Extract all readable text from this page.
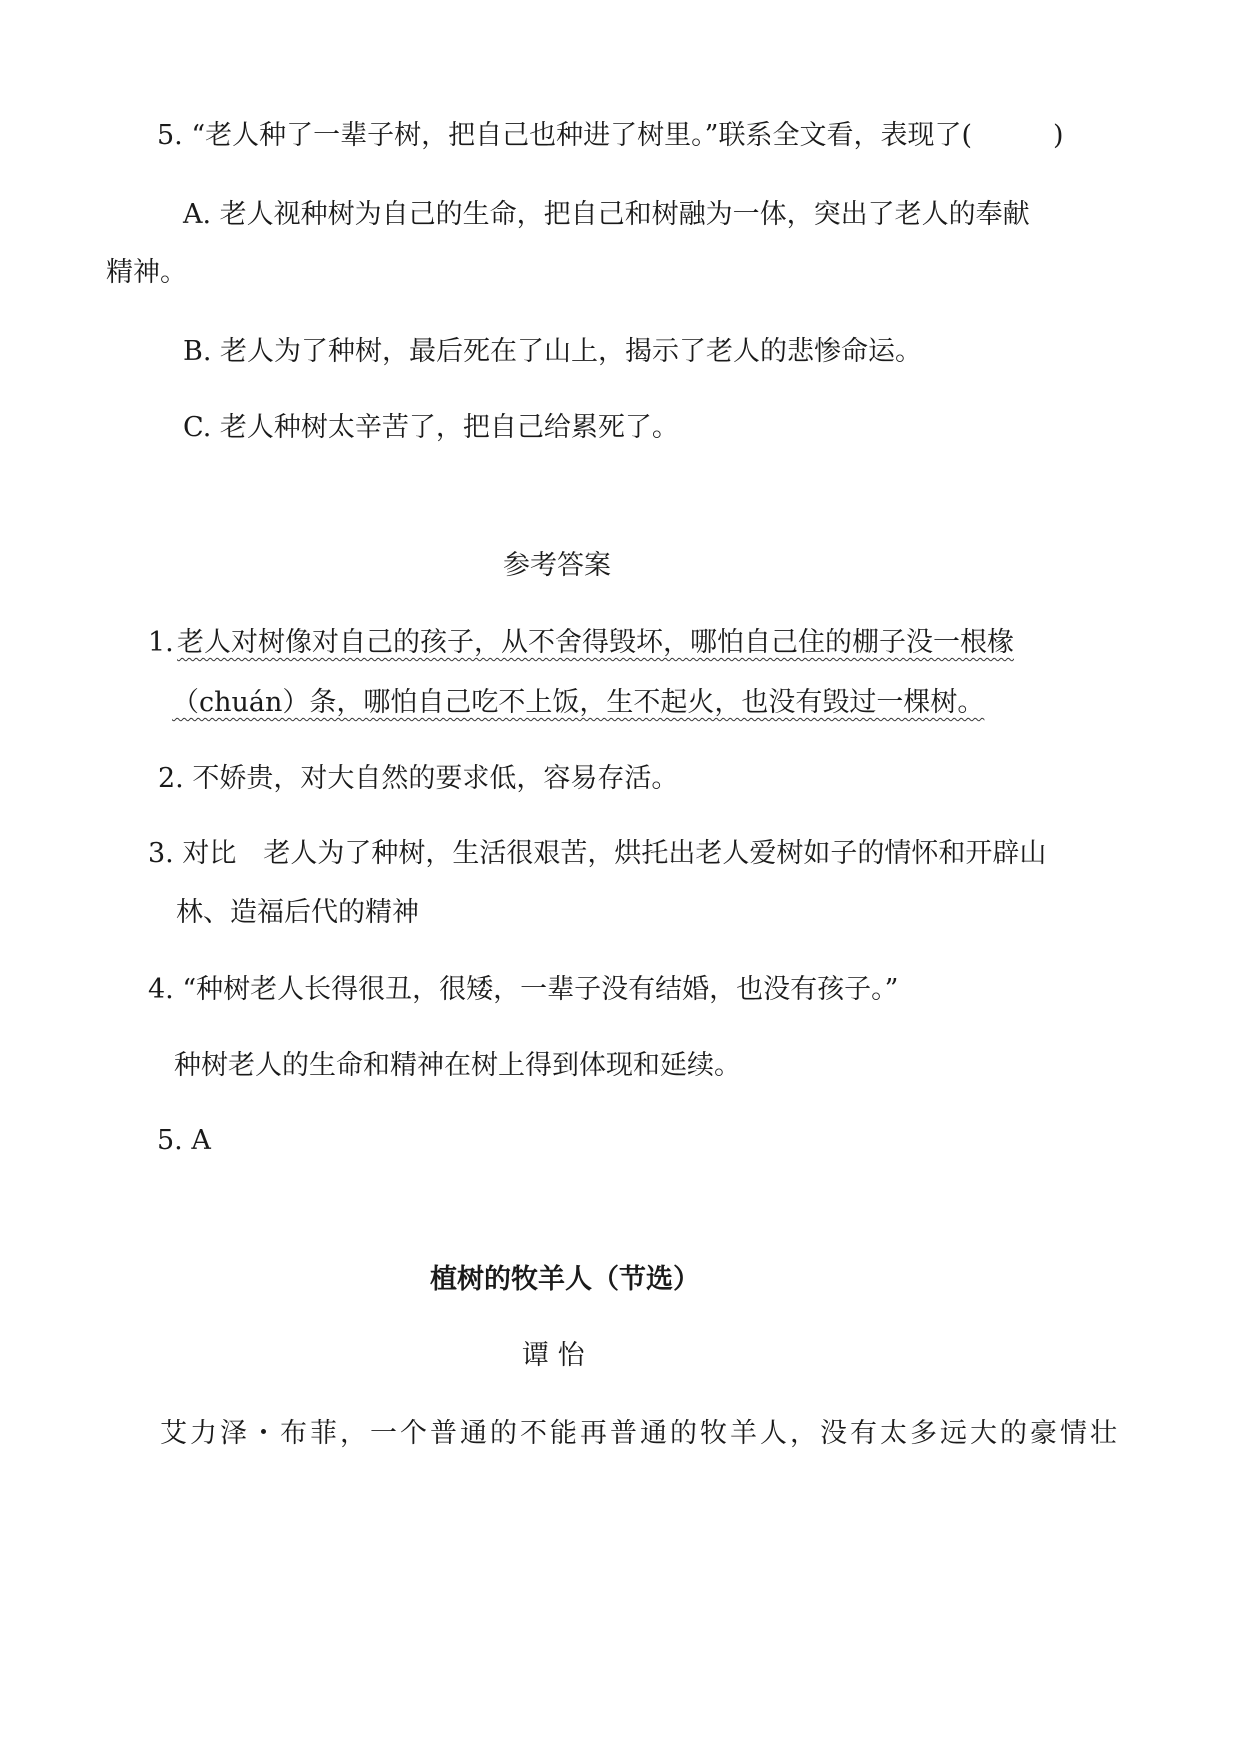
5. “老人种了一辈子树，把自己也种进了树里。”联系全文看，表现了(　　　)
A. 老人视种树为自己的生命，把自己和树融为一体，突出了老人的奉献
精神。
B. 老人为了种树，最后死在了山上，揭示了老人的悲惨命运。
C. 老人种树太辛苦了，把自己给累死了。
参考答案
1. 老人对树像对自己的孩子，从不舍得毁坏，哪怕自己住的棚子没一根椽
（chuán）条，哪怕自己吃不上饭，生不起火，也没有毁过一棵树。
2. 不娇贵，对大自然的要求低，容易存活。
3. 对比　老人为了种树，生活很艰苦，烘托出老人爱树如子的情怀和开辟山
林、造福后代的精神
4. “种树老人长得很丑，很矮，一辈子没有结婚，也没有孩子。”
种树老人的生命和精神在树上得到体现和延续。
5. A
植树的牧羊人（节选）
谭 怡
艾力泽・布菲，一个普通的不能再普通的牧羊人，没有太多远大的豪情壮
